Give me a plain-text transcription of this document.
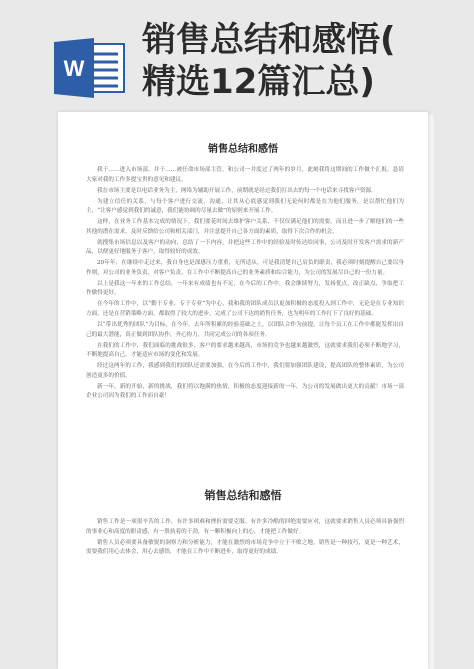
W
销售总结和感悟(
精选12篇汇总)
销售总结和感悟

我于……进入市场部，并于……被任命市场部主管，和公司一并度过了两年的岁月，此刻我将这期间的工作做个汇报，恳请大家对我的工作多提宝贵的意见和建议。

我在市场主要是以电话业务为主，网络为辅助开展工作，前期就是经过我们打出去的每一个电话来寻找客户资源。

为建立信任的关系，与每个客户进行交流，沟通，让其从心底感觉到我们无论何时都是在为他们服务，是以帮忙他们为主，“让客户感觉到我们的诚意，我们能协调的尽量去做”的原则来开展工作。

这样，在业务工作基本完成的情况下，我们要花时间去维护客户关系，不仅仅满足他们的需要，而且进一步了解他们的一些其他的潜在需求，及时反馈给公司和相关部门，并注意提升自己各方面的素质，取得下次合作的机会。

就搜集市场信息以及客户的动向，总结了一下内容，并把这些工作中的经验及时传达给同事，公司及时开发客户需求的新产品，以便更好地服务于客户，取得较好的成效。

20年年，在继续中走过来，我自身也是深感压力重重，无所适从。可是我清楚自己肩负的职责，我必须时刻提醒自己要以身作则，对公司的业务负责，对客户负责，在工作中不断提高自己的业务素质和综合能力，为公司的发展尽自己的一份力量。

以上是我这一年来的工作总结，一年来有成绩也有不足，在今后的工作中，我会继续努力，发扬优点，改正缺点，争取把工作做得更好。

在今年的工作中，以“勤于专业，专于专业”为中心，我和我的团队成员以更加积极的态度投入到工作中，无论是在专业知识方面，还是在营销策略方面，都取得了较大的进步，完成了公司下达的销售任务，也为明年的工作打下了良好的基础。

以“带出优秀的团队”为目标，在今年，去年所积累的经验基础之上，以团队合作为前提，让每个员工在工作中都能发挥出自己的最大潜能，真正做到团队协作，齐心协力，共同完成公司的各项任务。

在我们的工作中，我们面临的挑战很多，客户的要求越来越高，市场的竞争也越来越激烈，这就要求我们必须不断地学习，不断地提高自己，才能适应市场的变化和发展。

经过这两年的工作，我感到我们的团队还需要加强，在今后的工作中，我们要加强团队建设，提高团队的整体素质，为公司创造更多的价值。

新一年，新的开始，新的挑战，我们将以饱满的热情，积极的态度迎接新的一年，为公司的发展做出更大的贡献！市场一部企业公司因为我们的工作而自豪！

销售总结和感悟

销售工作是一项很辛苦的工作，有许多困难和挫折需要克服。有许多冷酷的回绝需要应对，这就要求销售人员必须具备强烈的事业心和高度的职责感，有一股执着的干劲，有一颗积极向上的心，才能把工作做好。

销售人员必须要具备敏锐的洞察力和分析能力，才能在激烈的市场竞争中立于不败之地。销售是一种技巧，更是一种艺术，需要我们用心去体会，用心去感悟，才能在工作中不断进步，取得更好的成绩。
